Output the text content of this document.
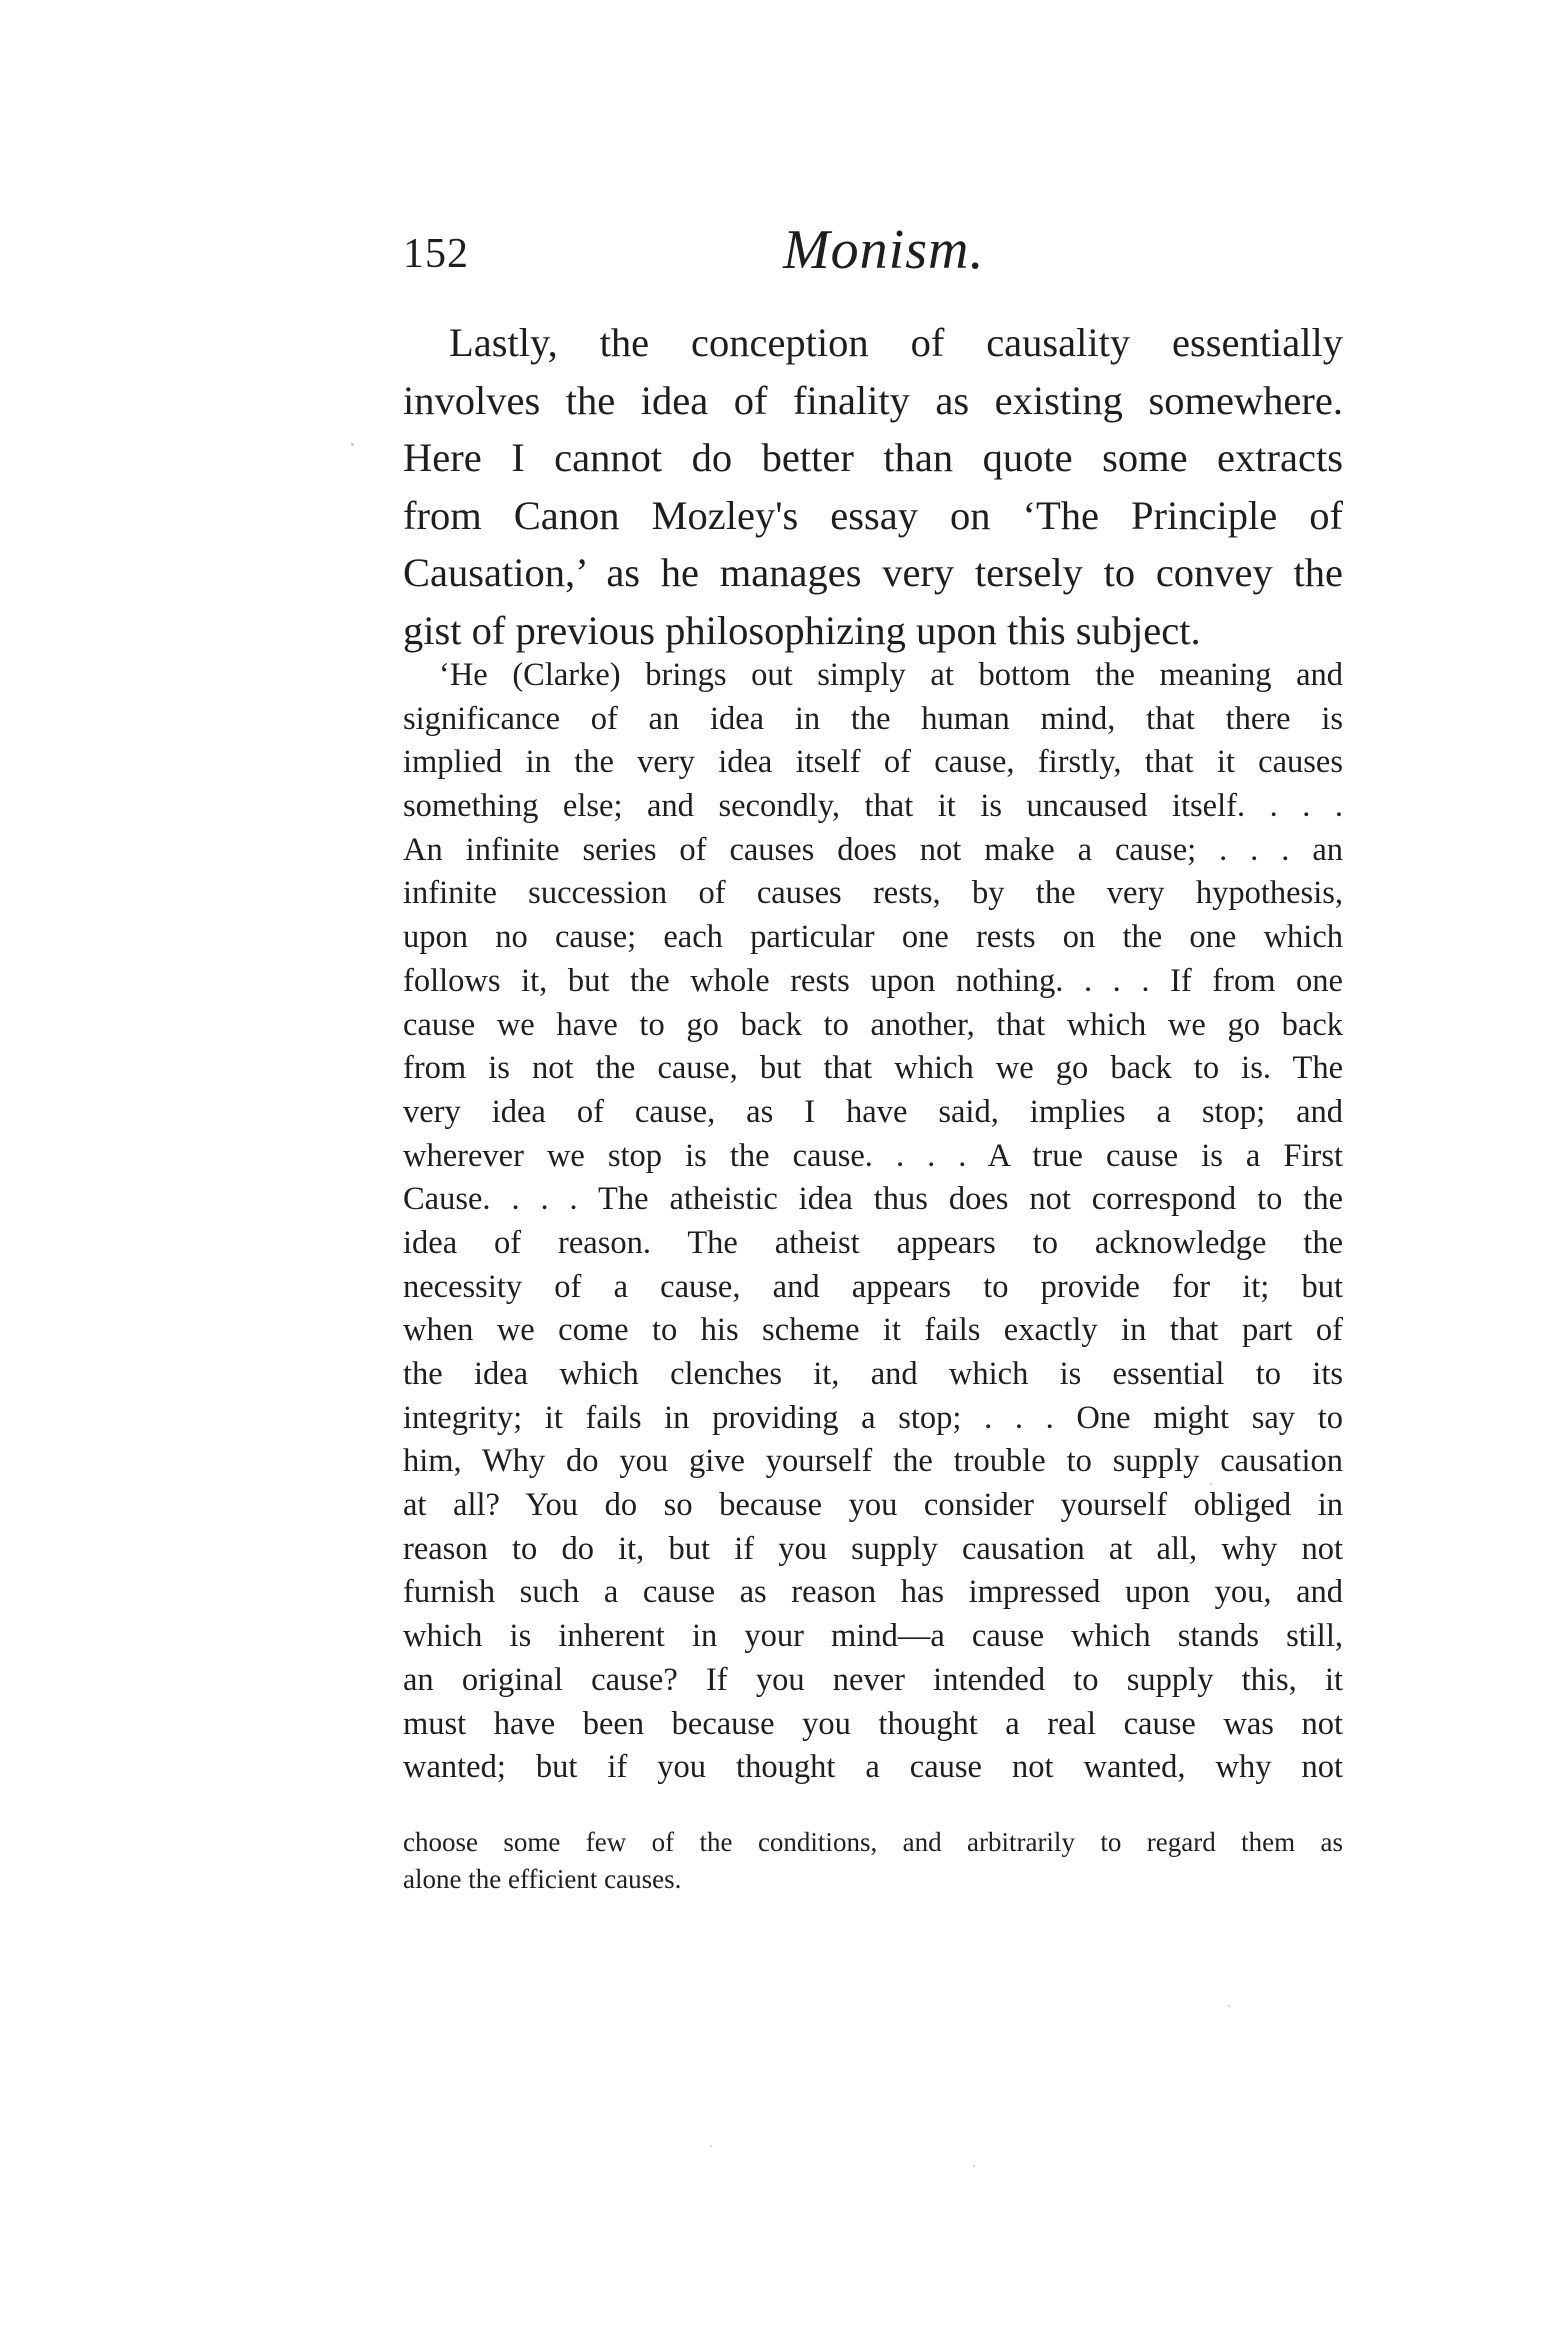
152	Monism.
Lastly, the conception of causality essentially
involves the idea of finality as existing somewhere.
Here I cannot do better than quote some extracts
from Canon Mozley's essay on ‘The Principle of
Causation,’ as he manages very tersely to convey the
gist of previous philosophizing upon this subject.
‘He (Clarke) brings out simply at bottom the meaning and
significance of an idea in the human mind, that there is
implied in the very idea itself of cause, firstly, that it causes
something else; and secondly, that it is uncaused itself. . . .
An infinite series of causes does not make a cause; . . . an
infinite succession of causes rests, by the very hypothesis,
upon no cause; each particular one rests on the one which
follows it, but the whole rests upon nothing. . . . If from one
cause we have to go back to another, that which we go back
from is not the cause, but that which we go back to is. The
very idea of cause, as I have said, implies a stop; and
wherever we stop is the cause. . . . A true cause is a First
Cause. . . . The atheistic idea thus does not correspond to the
idea of reason. The atheist appears to acknowledge the
necessity of a cause, and appears to provide for it; but
when we come to his scheme it fails exactly in that part of
the idea which clenches it, and which is essential to its
integrity; it fails in providing a stop; . . . One might say to
him, Why do you give yourself the trouble to supply causation
at all? You do so because you consider yourself obliged in
reason to do it, but if you supply causation at all, why not
furnish such a cause as reason has impressed upon you, and
which is inherent in your mind—a cause which stands still,
an original cause? If you never intended to supply this, it
must have been because you thought a real cause was not
wanted; but if you thought a cause not wanted, why not
choose some few of the conditions, and arbitrarily to regard them as
alone the efficient causes.
